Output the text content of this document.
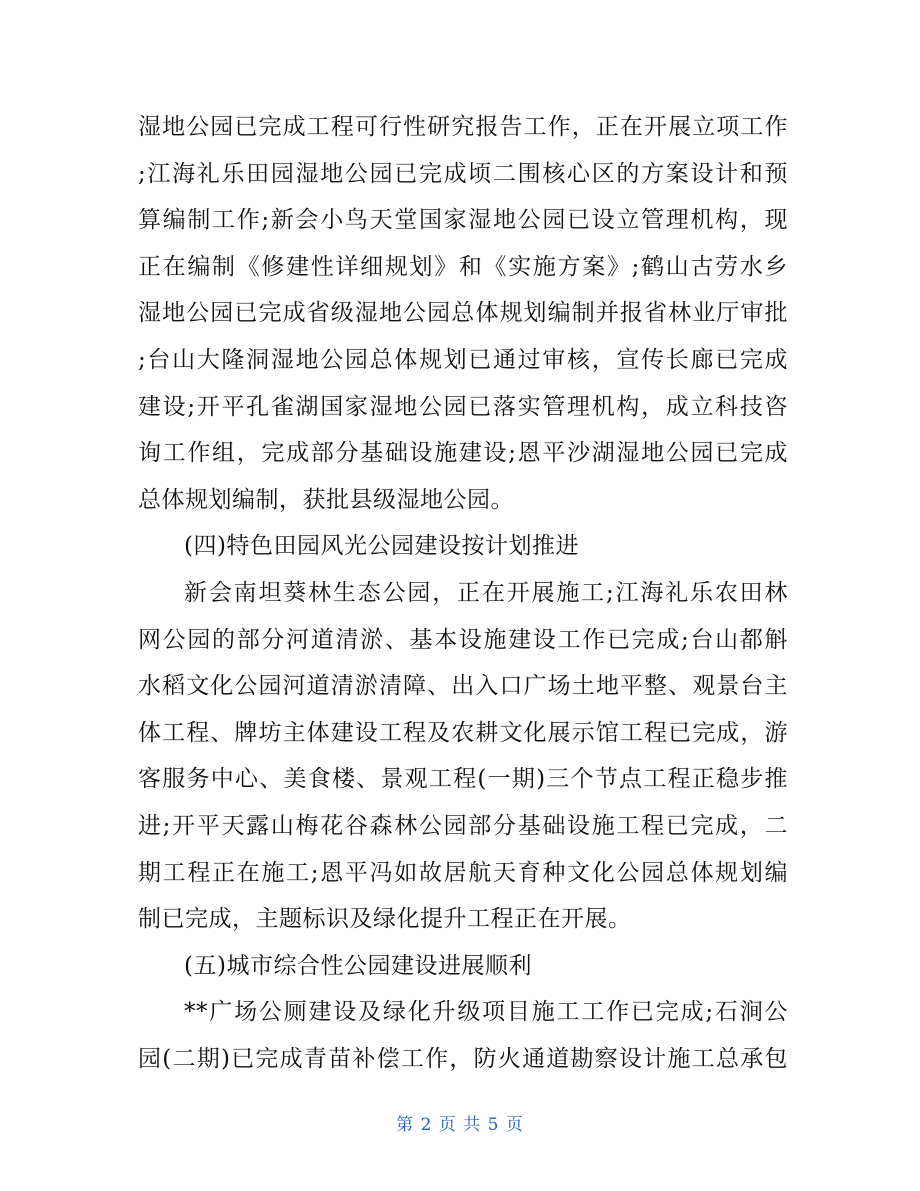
湿地公园已完成工程可行性研究报告工作，正在开展立项工作
;江海礼乐田园湿地公园已完成顷二围核心区的方案设计和预
算编制工作;新会小鸟天堂国家湿地公园已设立管理机构，现
正在编制《修建性详细规划》和《实施方案》;鹤山古劳水乡
湿地公园已完成省级湿地公园总体规划编制并报省林业厅审批
;台山大隆洞湿地公园总体规划已通过审核，宣传长廊已完成
建设;开平孔雀湖国家湿地公园已落实管理机构，成立科技咨
询工作组，完成部分基础设施建设;恩平沙湖湿地公园已完成
总体规划编制，获批县级湿地公园。
(四)特色田园风光公园建设按计划推进
新会南坦葵林生态公园，正在开展施工;江海礼乐农田林
网公园的部分河道清淤、基本设施建设工作已完成;台山都斛
水稻文化公园河道清淤清障、出入口广场土地平整、观景台主
体工程、牌坊主体建设工程及农耕文化展示馆工程已完成，游
客服务中心、美食楼、景观工程(一期)三个节点工程正稳步推
进;开平天露山梅花谷森林公园部分基础设施工程已完成，二
期工程正在施工;恩平冯如故居航天育种文化公园总体规划编
制已完成，主题标识及绿化提升工程正在开展。
(五)城市综合性公园建设进展顺利
**广场公厕建设及绿化升级项目施工工作已完成;石涧公
园(二期)已完成青苗补偿工作，防火通道勘察设计施工总承包
第 2 页 共 5 页
